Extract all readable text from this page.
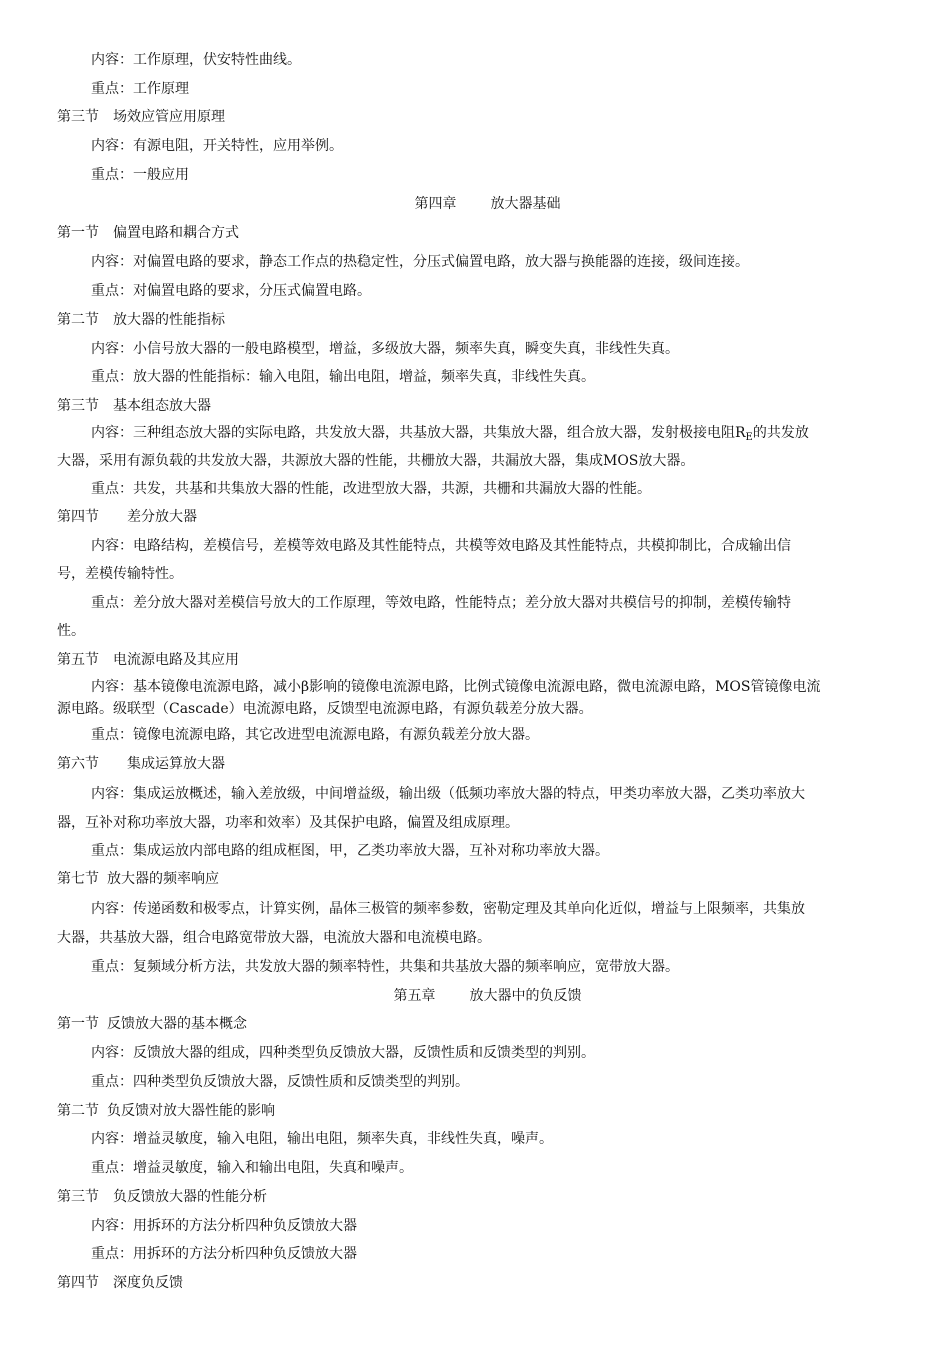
内容：工作原理，伏安特性曲线。
重点：工作原理
第三节 场效应管应用原理
内容：有源电阻，开关特性，应用举例。
重点：一般应用
第四章 放大器基础
第一节 偏置电路和耦合方式
内容：对偏置电路的要求，静态工作点的热稳定性，分压式偏置电路，放大器与换能器的连接，级间连接。
重点：对偏置电路的要求，分压式偏置电路。
第二节 放大器的性能指标
内容：小信号放大器的一般电路模型，增益，多级放大器，频率失真，瞬变失真，非线性失真。
重点：放大器的性能指标：输入电阻，输出电阻，增益，频率失真，非线性失真。
第三节 基本组态放大器
内容：三种组态放大器的实际电路，共发放大器，共基放大器，共集放大器，组合放大器，发射极接电阻$R_E$的共发放
大器，采用有源负载的共发放大器，共源放大器的性能，共栅放大器，共漏放大器，集成MOS放大器。
重点：共发，共基和共集放大器的性能，改进型放大器，共源，共栅和共漏放大器的性能。
第四节 差分放大器
内容：电路结构，差模信号，差模等效电路及其性能特点，共模等效电路及其性能特点，共模抑制比，合成输出信
号，差模传输特性。
重点：差分放大器对差模信号放大的工作原理，等效电路，性能特点；差分放大器对共模信号的抑制，差模传输特
性。
第五节 电流源电路及其应用
内容：基本镜像电流源电路，减小β影响的镜像电流源电路，比例式镜像电流源电路，微电流源电路，MOS管镜像电流
源电路。级联型（Cascade）电流源电路，反馈型电流源电路，有源负载差分放大器。
重点：镜像电流源电路，其它改进型电流源电路，有源负载差分放大器。
第六节 集成运算放大器
内容：集成运放概述，输入差放级，中间增益级，输出级（低频功率放大器的特点，甲类功率放大器，乙类功率放大
器，互补对称功率放大器，功率和效率）及其保护电路，偏置及组成原理。
重点：集成运放内部电路的组成框图，甲，乙类功率放大器，互补对称功率放大器。
第七节 放大器的频率响应
内容：传递函数和极零点，计算实例，晶体三极管的频率参数，密勒定理及其单向化近似，增益与上限频率，共集放
大器，共基放大器，组合电路宽带放大器，电流放大器和电流模电路。
重点：复频域分析方法，共发放大器的频率特性，共集和共基放大器的频率响应，宽带放大器。
第五章 放大器中的负反馈
第一节 反馈放大器的基本概念
内容：反馈放大器的组成，四种类型负反馈放大器，反馈性质和反馈类型的判别。
重点：四种类型负反馈放大器，反馈性质和反馈类型的判别。
第二节 负反馈对放大器性能的影响
内容：增益灵敏度，输入电阻，输出电阻，频率失真，非线性失真，噪声。
重点：增益灵敏度，输入和输出电阻，失真和噪声。
第三节 负反馈放大器的性能分析
内容：用拆环的方法分析四种负反馈放大器
重点：用拆环的方法分析四种负反馈放大器
第四节 深度负反馈
